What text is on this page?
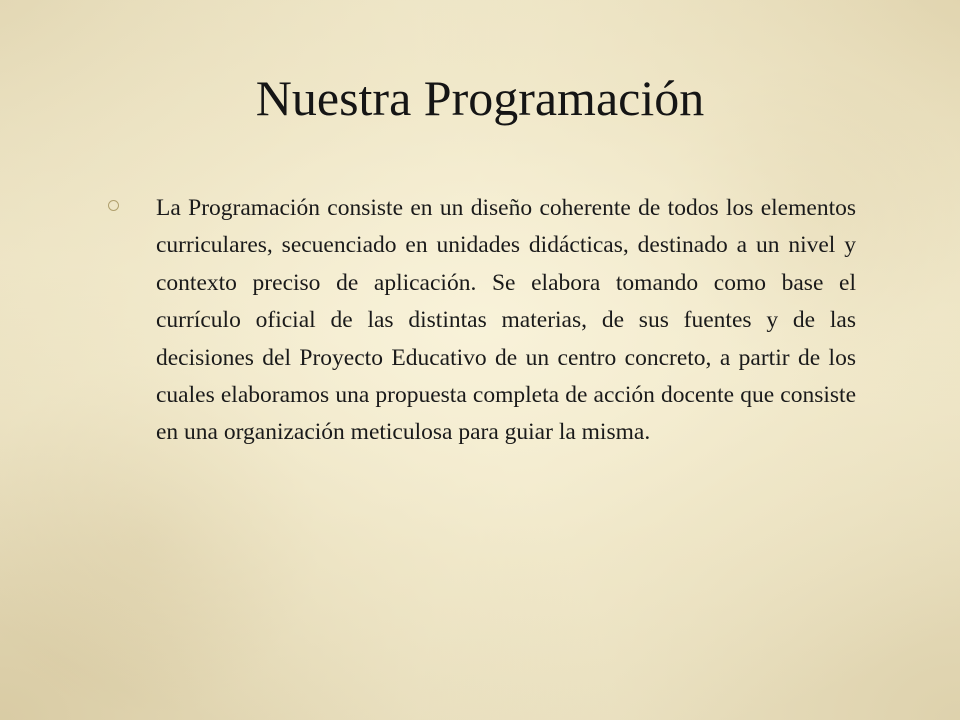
Nuestra Programación

La Programación consiste en un diseño coherente de todos los elementos curriculares, secuenciado en unidades didácticas, destinado a un nivel y contexto preciso de aplicación. Se elabora tomando como base el currículo oficial de las distintas materias, de sus fuentes y de las decisiones del Proyecto Educativo de un centro concreto, a partir de los cuales elaboramos una propuesta completa de acción docente que consiste en una organización meticulosa para guiar la misma.
